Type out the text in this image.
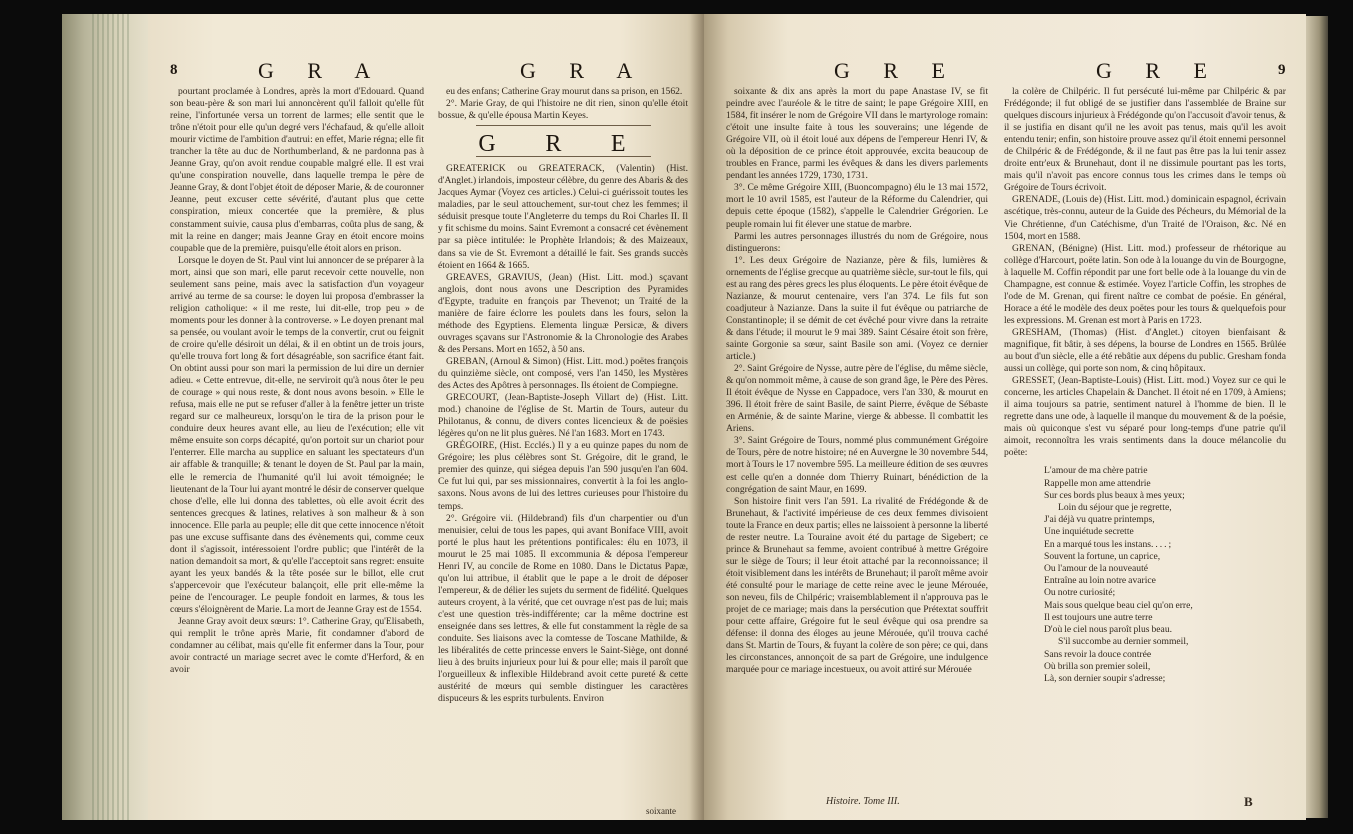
8	G R A	G R A

pourtant proclamée à Londres, après la mort d'Edouard. Quand son beau-père & son mari lui annoncèrent qu'il falloit qu'elle fût reine, l'infortunée versa un torrent de larmes; elle sentit que le trône n'étoit pour elle qu'un degré vers l'échafaud, & qu'elle alloit mourir victime de l'ambition d'autrui: en effet, Marie régna; elle fit trancher la tête au duc de Northumberland, & ne pardonna pas à Jeanne Gray, qu'on avoit rendue coupable malgré elle. Il est vrai qu'une conspiration nouvelle, dans laquelle trempa le père de Jeanne Gray, & dont l'objet étoit de déposer Marie, & de couronner Jeanne, peut excuser cette sévérité, d'autant plus que cette conspiration, mieux concertée que la première, & plus constamment suivie, causa plus d'embarras, coûta plus de sang, & mit la reine en danger; mais Jeanne Gray en étoit encore moins coupable que de la première, puisqu'elle étoit alors en prison.

Lorsque le doyen de St. Paul vint lui annoncer de se préparer à la mort, ainsi que son mari, elle parut recevoir cette nouvelle, non seulement sans peine, mais avec la satisfaction d'un voyageur arrivé au terme de sa course: le doyen lui proposa d'embrasser la religion catholique: « il me reste, lui dit-elle, trop peu » de moments pour les donner à la controverse. » Le doyen prenant mal sa pensée, ou voulant avoir le temps de la convertir, crut ou feignit de croire qu'elle désiroit un délai, & il en obtint un de trois jours, qu'elle trouva fort long & fort désagréable, son sacrifice étant fait. On obtint aussi pour son mari la permission de lui dire un dernier adieu. « Cette entrevue, dit-elle, ne serviroit qu'à nous ôter le peu de courage » qui nous reste, & dont nous avons besoin. » Elle le refusa, mais elle ne put se refuser d'aller à la fenêtre jetter un triste regard sur ce malheureux, lorsqu'on le tira de la prison pour le conduire deux heures avant elle, au lieu de l'exécution; elle vit même ensuite son corps décapité, qu'on portoit sur un chariot pour l'enterrer. Elle marcha au supplice en saluant les spectateurs d'un air affable & tranquille; & tenant le doyen de St. Paul par la main, elle le remercia de l'humanité qu'il lui avoit témoignée; le lieutenant de la Tour lui ayant montré le désir de conserver quelque chose d'elle, elle lui donna des tablettes, où elle avoit écrit des sentences grecques & latines, relatives à son malheur & à son innocence. Elle parla au peuple; elle dit que cette innocence n'étoit pas une excuse suffisante dans des évènements qui, comme ceux dont il s'agissoit, intéressoient l'ordre public; que l'intérêt de la nation demandoit sa mort, & qu'elle l'acceptoit sans regret: ensuite ayant les yeux bandés & la tête posée sur le billot, elle crut s'appercevoir que l'exécuteur balançoit, elle prit elle-même la peine de l'encourager. Le peuple fondoit en larmes, & tous les cœurs s'éloignèrent de Marie. La mort de Jeanne Gray est de 1554.

Jeanne Gray avoit deux sœurs: 1°. Catherine Gray, qu'Elisabeth, qui remplit le trône après Marie, fit condamner d'abord de condamner au célibat, mais qu'elle fit enfermer dans la Tour, pour avoir contracté un mariage secret avec le comte d'Herford, & en avoir

eu des enfans; Catherine Gray mourut dans sa prison, en 1562.

2°. Marie Gray, de qui l'histoire ne dit rien, sinon qu'elle étoit bossue, & qu'elle épousa Martin Keyes.

G R E

GREATERICK ou GREATERACK, (Valentin) (Hist. d'Anglet.) irlandois, imposteur célèbre, du genre des Abaris & des Jacques Aymar (Voyez ces articles.) Celui-ci guérissoit toutes les maladies, par le seul attouchement, sur-tout chez les femmes; il séduisit presque toute l'Angleterre du temps du Roi Charles II. Il y fit schisme du moins. Saint Evremont a consacré cet évènement par sa pièce intitulée: le Prophète Irlandois; & des Maizeaux, dans sa vie de St. Evremont a détaillé le fait. Ses grands succès étoient en 1664 & 1665.

GREAVES, GRAVIUS, (Jean) (Hist. Litt. mod.) sçavant anglois, dont nous avons une Description des Pyramides d'Egypte, traduite en françois par Thevenot; un Traité de la manière de faire éclorre les poulets dans les fours, selon la méthode des Egyptiens. Elementa linguæ Persicæ, & divers ouvrages sçavans sur l'Astronomie & la Chronologie des Arabes & des Persans. Mort en 1652, à 50 ans.

GREBAN, (Arnoul & Simon) (Hist. Litt. mod.) poëtes françois du quinzième siècle, ont composé, vers l'an 1450, les Mystères des Actes des Apôtres à personnages. Ils étoient de Compiegne.

GRECOURT, (Jean-Baptiste-Joseph Villart de) (Hist. Litt. mod.) chanoine de l'église de St. Martin de Tours, auteur du Philotanus, & connu, de divers contes licencieux & de poësies légères qu'on ne lit plus guères. Né l'an 1683. Mort en 1743.

GRÉGOIRE, (Hist. Ecclés.) Il y a eu quinze papes du nom de Grégoire; les plus célèbres sont St. Grégoire, dit le grand, le premier des quinze, qui siégea depuis l'an 590 jusqu'en l'an 604. Ce fut lui qui, par ses missionnaires, convertit à la foi les anglo-saxons. Nous avons de lui des lettres curieuses pour l'histoire du temps.

2°. Grégoire vii. (Hildebrand) fils d'un charpentier ou d'un menuisier, celui de tous les papes, qui avant Boniface VIII, avoit porté le plus haut les prétentions pontificales: élu en 1073, il mourut le 25 mai 1085. Il excommunia & déposa l'empereur Henri IV, au concile de Rome en 1080. Dans le Dictatus Papæ, qu'on lui attribue, il établit que le pape a le droit de déposer l'empereur, & de délier les sujets du serment de fidélité. Quelques auteurs croyent, à la vérité, que cet ouvrage n'est pas de lui; mais c'est une question très-indifférente; car la même doctrine est enseignée dans ses lettres, & elle fut constamment la règle de sa conduite. Ses liaisons avec la comtesse de Toscane Mathilde, & les libéralités de cette princesse envers le Saint-Siège, ont donné lieu à des bruits injurieux pour lui & pour elle; mais il paroît que l'orgueilleux & inflexible Hildebrand avoit cette pureté & cette austérité de mœurs qui semble distinguer les caractères dispuceurs & les esprits turbulents. Environ

soixante
G R E	G R E	9

soixante & dix ans après la mort du pape Anastase IV, se fit peindre avec l'auréole & le titre de saint; le pape Grégoire XIII, en 1584, fit insérer le nom de Grégoire VII dans le martyrologe romain: c'étoit une insulte faite à tous les souverains; une légende de Grégoire VII, où il étoit loué aux dépens de l'empereur Henri IV, & où la déposition de ce prince étoit approuvée, excita beaucoup de troubles en France, parmi les évêques & dans les divers parlements pendant les années 1729, 1730, 1731.

3°. Ce même Grégoire XIII, (Buoncompagno) élu le 13 mai 1572, mort le 10 avril 1585, est l'auteur de la Réforme du Calendrier, qui depuis cette époque (1582), s'appelle le Calendrier Grégorien. Le peuple romain lui fit élever une statue de marbre.

Parmi les autres personnages illustrés du nom de Grégoire, nous distinguerons:

1°. Les deux Grégoire de Nazianze, père & fils, lumières & ornements de l'église grecque au quatrième siècle, sur-tout le fils, qui est au rang des pères grecs les plus éloquents. Le père étoit évêque de Nazianze, & mourut centenaire, vers l'an 374. Le fils fut son coadjuteur à Nazianze. Dans la suite il fut évêque ou patriarche de Constantinople; il se démit de cet évêché pour vivre dans la retraite & dans l'étude; il mourut le 9 mai 389. Saint Césaire étoit son frère, sainte Gorgonie sa sœur, saint Basile son ami. (Voyez ce dernier article.)

2°. Saint Grégoire de Nysse, autre père de l'église, du même siècle, & qu'on nommoit même, à cause de son grand âge, le Père des Pères. Il étoit évêque de Nysse en Cappadoce, vers l'an 330, & mourut en 396. Il étoit frère de saint Basile, de saint Pierre, évêque de Sébaste en Arménie, & de sainte Marine, vierge & abbesse. Il combattit les Ariens.

3°. Saint Grégoire de Tours, nommé plus communément Grégoire de Tours, père de notre histoire; né en Auvergne le 30 novembre 544, mort à Tours le 17 novembre 595. La meilleure édition de ses œuvres est celle qu'en a donnée dom Thierry Ruinart, bénédiction de la congrégation de saint Maur, en 1699.

Son histoire finit vers l'an 591. La rivalité de Frédégonde & de Brunehaut, & l'activité impérieuse de ces deux femmes divisoient toute la France en deux partis; elles ne laissoient à personne la liberté de rester neutre. La Touraine avoit été du partage de Sigebert; ce prince & Brunehaut sa femme, avoient contribué à mettre Grégoire sur le siège de Tours; il leur étoit attaché par la reconnoissance; il étoit visiblement dans les intérêts de Brunehaut; il paroît même avoir été consulté pour le mariage de cette reine avec le jeune Mérouée, son neveu, fils de Chilpéric; vraisemblablement il n'approuva pas le projet de ce mariage; mais dans la persécution que Prétextat souffrit pour cette affaire, Grégoire fut le seul évêque qui osa prendre sa défense: il donna des éloges au jeune Mérouée, qu'il trouva caché dans St. Martin de Tours, & fuyant la colère de son père; ce qui, dans les circonstances, annonçoit de sa part de Grégoire, une indulgence marquée pour ce mariage incestueux, ou avoit attiré sur Mérouée

la colère de Chilpéric. Il fut persécuté lui-même par Chilpéric & par Frédégonde; il fut obligé de se justifier dans l'assemblée de Braine sur quelques discours injurieux à Frédégonde qu'on l'accusoit d'avoir tenus, & il se justifia en disant qu'il ne les avoit pas tenus, mais qu'il les avoit entendu tenir; enfin, son histoire prouve assez qu'il étoit ennemi personnel de Chilpéric & de Frédégonde, & il ne faut pas être pas la lui tenir assez droite entr'eux & Brunehaut, dont il ne dissimule pourtant pas les torts, mais qu'il n'avoit pas encore connus tous les crimes dans le temps où Grégoire de Tours écrivoit.

GRENADE, (Louis de) (Hist. Litt. mod.) dominicain espagnol, écrivain ascétique, très-connu, auteur de la Guide des Pécheurs, du Mémorial de la Vie Chrétienne, d'un Catéchisme, d'un Traité de l'Oraison, &c. Né en 1504, mort en 1588.

GRENAN, (Bénigne) (Hist. Litt. mod.) professeur de rhétorique au collège d'Harcourt, poëte latin. Son ode à la louange du vin de Bourgogne, à laquelle M. Coffin répondit par une fort belle ode à la louange du vin de Champagne, est connue & estimée. Voyez l'article Coffin, les strophes de l'ode de M. Grenan, qui firent naître ce combat de poésie. En général, Horace a été le modèle des deux poëtes pour les tours & quelquefois pour les expressions. M. Grenan est mort à Paris en 1723.

GRESHAM, (Thomas) (Hist. d'Anglet.) citoyen bienfaisant & magnifique, fit bâtir, à ses dépens, la bourse de Londres en 1565. Brûlée au bout d'un siècle, elle a été rebâtie aux dépens du public. Gresham fonda aussi un collège, qui porte son nom, & cinq hôpitaux.

GRESSET, (Jean-Baptiste-Louis) (Hist. Litt. mod.) Voyez sur ce qui le concerne, les articles Chapelain & Danchet. Il étoit né en 1709, à Amiens; il aima toujours sa patrie, sentiment naturel à l'homme de bien. Il le regrette dans une ode, à laquelle il manque du mouvement & de la poésie, mais où quiconque s'est vu séparé pour long-temps d'une patrie qu'il aimoit, reconnoîtra les vrais sentiments dans la douce mélancolie du poëte:

L'amour de ma chère patrie
Rappelle mon ame attendrie
Sur ces bords plus beaux à mes yeux;
Loin du séjour que je regrette,
J'ai déjà vu quatre printemps,
Une inquiétude secrette
En a marqué tous les instans. . . . ;
Souvent la fortune, un caprice,
Ou l'amour de la nouveauté
Entraîne au loin notre avarice
Ou notre curiosité;
Mais sous quelque beau ciel qu'on erre,
Il est toujours une autre terre
D'où le ciel nous paroît plus beau.
S'il succombe au dernier sommeil,
Sans revoir la douce contrée
Où brilla son premier soleil,
Là, son dernier soupir s'adresse;
Histoire. Tome III.	B
